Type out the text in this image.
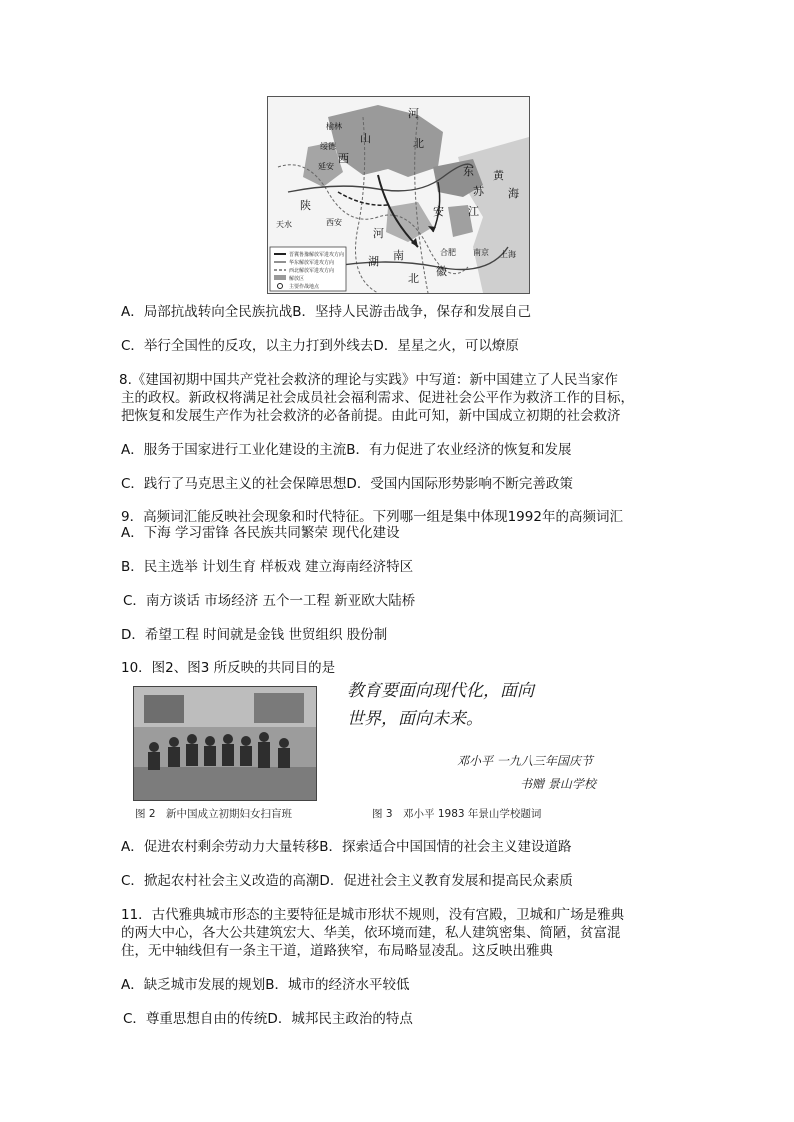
晋冀鲁豫解放军进攻方向
华东解放军进攻方向
西北解放军进攻方向
解放区
主要作战地点
榆林
绥德
延安
陕
西
山
河
北
东
天水	西安
河
南
安
徽
江
苏
湖
北
合肥 南京 上海
黄
海
A．局部抗战转向全民族抗战B．坚持人民游击战争，保存和发展自己
C．举行全国性的反攻，以主力打到外线去D．星星之火，可以燎原
8.《建国初期中国共产党社会救济的理论与实践》中写道：新中国建立了人民当家作
主的政权。新政权将满足社会成员社会福利需求、促进社会公平作为救济工作的目标，
把恢复和发展生产作为社会救济的必备前提。由此可知，新中国成立初期的社会救济
A．服务于国家进行工业化建设的主流B．有力促进了农业经济的恢复和发展
C．践行了马克思主义的社会保障思想D．受国内国际形势影响不断完善政策
9．高频词汇能反映社会现象和时代特征。下列哪一组是集中体现1992年的高频词汇
A．下海 学习雷锋 各民族共同繁荣 现代化建设
B．民主选举 计划生育 样板戏 建立海南经济特区
C．南方谈话 市场经济 五个一工程 新亚欧大陆桥
D．希望工程 时间就是金钱 世贸组织 股份制
10．图2、图3 所反映的共同目的是
图 2　新中国成立初期妇女扫盲班
教育要面向现代化，面向
世界，面向未来。
邓小平 一九八三年国庆节
书赠 景山学校
图 3　邓小平 1983 年景山学校题词
A．促进农村剩余劳动力大量转移B．探索适合中国国情的社会主义建设道路
C．掀起农村社会主义改造的高潮D．促进社会主义教育发展和提高民众素质
11．古代雅典城市形态的主要特征是城市形状不规则，没有宫殿，卫城和广场是雅典
的两大中心，各大公共建筑宏大、华美，依环境而建，私人建筑密集、简陋，贫富混
住，无中轴线但有一条主干道，道路狭窄，布局略显凌乱。这反映出雅典
A．缺乏城市发展的规划B．城市的经济水平较低
C．尊重思想自由的传统D．城邦民主政治的特点
